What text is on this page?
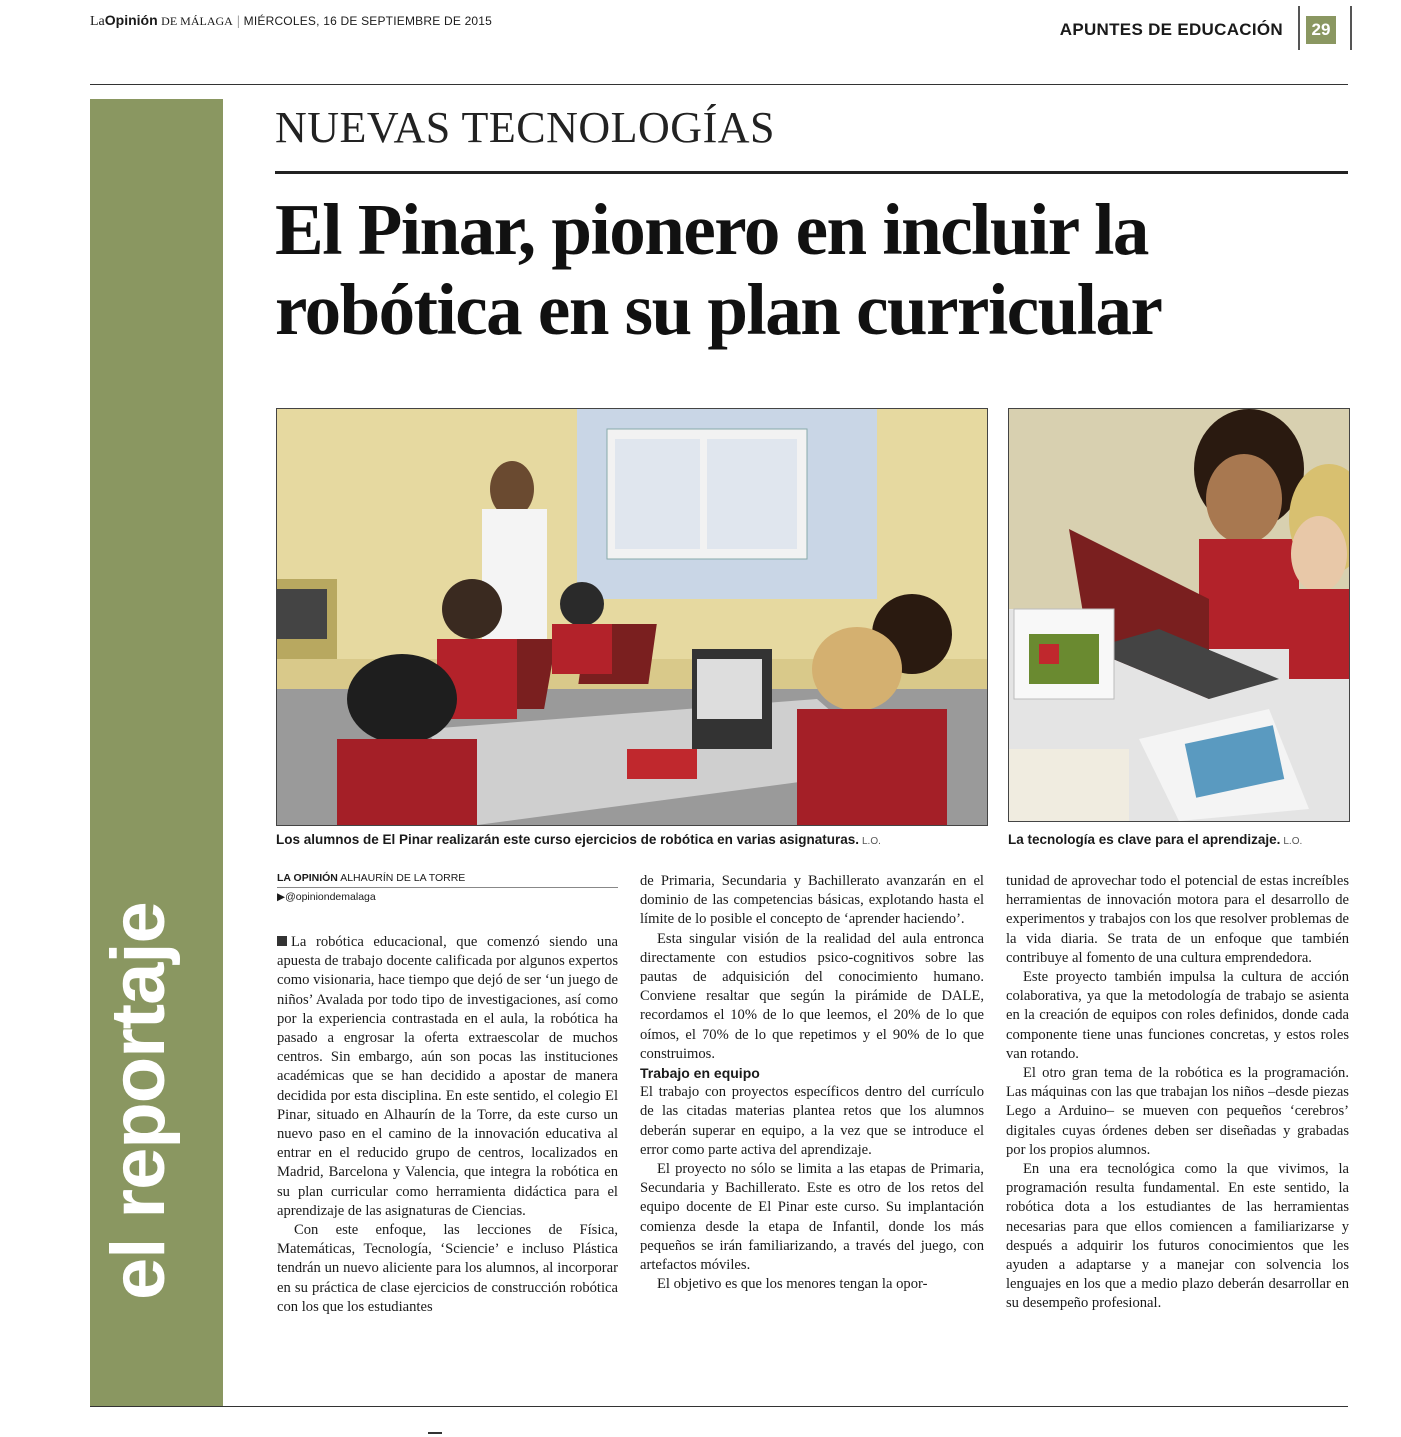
LaOpinión DE MÁLAGA | MIÉRCOLES, 16 DE SEPTIEMBRE DE 2015	APUNTES DE EDUCACIÓN	29
el reportaje
NUEVAS TECNOLOGÍAS
El Pinar, pionero en incluir la robótica en su plan curricular
Los alumnos de El Pinar realizarán este curso ejercicios de robótica en varias asignaturas. L.O.	La tecnología es clave para el aprendizaje. L.O.
LA OPINIÓN ALHAURÍN DE LA TORRE
▶@opiniondemalaga

La robótica educacional, que comenzó siendo una apuesta de trabajo docente calificada por algunos expertos como visionaria, hace tiempo que dejó de ser ‘un juego de niños’ Avalada por todo tipo de investigaciones, así como por la experiencia contrastada en el aula, la robótica ha pasado a engrosar la oferta extraescolar de muchos centros. Sin embargo, aún son pocas las instituciones académicas que se han decidido a apostar de manera decidida por esta disciplina. En este sentido, el colegio El Pinar, situado en Alhaurín de la Torre, da este curso un nuevo paso en el camino de la innovación educativa al entrar en el reducido grupo de centros, localizados en Madrid, Barcelona y Valencia, que integra la robótica en su plan curricular como herramienta didáctica para el aprendizaje de las asignaturas de Ciencias.

Con este enfoque, las lecciones de Física, Matemáticas, Tecnología, ‘Sciencie’ e incluso Plástica tendrán un nuevo aliciente para los alumnos, al incorporar en su práctica de clase ejercicios de construcción robótica con los que los estudiantes

de Primaria, Secundaria y Bachillerato avanzarán en el dominio de las competencias básicas, explotando hasta el límite de lo posible el concepto de ‘aprender haciendo’.

Esta singular visión de la realidad del aula entronca directamente con estudios psico-cognitivos sobre las pautas de adquisición del conocimiento humano. Conviene resaltar que según la pirámide de DALE, recordamos el 10% de lo que leemos, el 20% de lo que oímos, el 70% de lo que repetimos y el 90% de lo que construimos.

Trabajo en equipo

El trabajo con proyectos específicos dentro del currículo de las citadas materias plantea retos que los alumnos deberán superar en equipo, a la vez que se introduce el error como parte activa del aprendizaje.

El proyecto no sólo se limita a las etapas de Primaria, Secundaria y Bachillerato. Este es otro de los retos del equipo docente de El Pinar este curso. Su implantación comienza desde la etapa de Infantil, donde los más pequeños se irán familiarizando, a través del juego, con artefactos móviles.

El objetivo es que los menores tengan la opor-

tunidad de aprovechar todo el potencial de estas increíbles herramientas de innovación motora para el desarrollo de experimentos y trabajos con los que resolver problemas de la vida diaria. Se trata de un enfoque que también contribuye al fomento de una cultura emprendedora.

Este proyecto también impulsa la cultura de acción colaborativa, ya que la metodología de trabajo se asienta en la creación de equipos con roles definidos, donde cada componente tiene unas funciones concretas, y estos roles van rotando.

El otro gran tema de la robótica es la programación. Las máquinas con las que trabajan los niños –desde piezas Lego a Arduino– se mueven con pequeños ‘cerebros’ digitales cuyas órdenes deben ser diseñadas y grabadas por los propios alumnos.

En una era tecnológica como la que vivimos, la programación resulta fundamental. En este sentido, la robótica dota a los estudiantes de las herramientas necesarias para que ellos comiencen a familiarizarse y después a adquirir los futuros conocimientos que les ayuden a adaptarse y a manejar con solvencia los lenguajes en los que a medio plazo deberán desarrollar en su desempeño profesional.
